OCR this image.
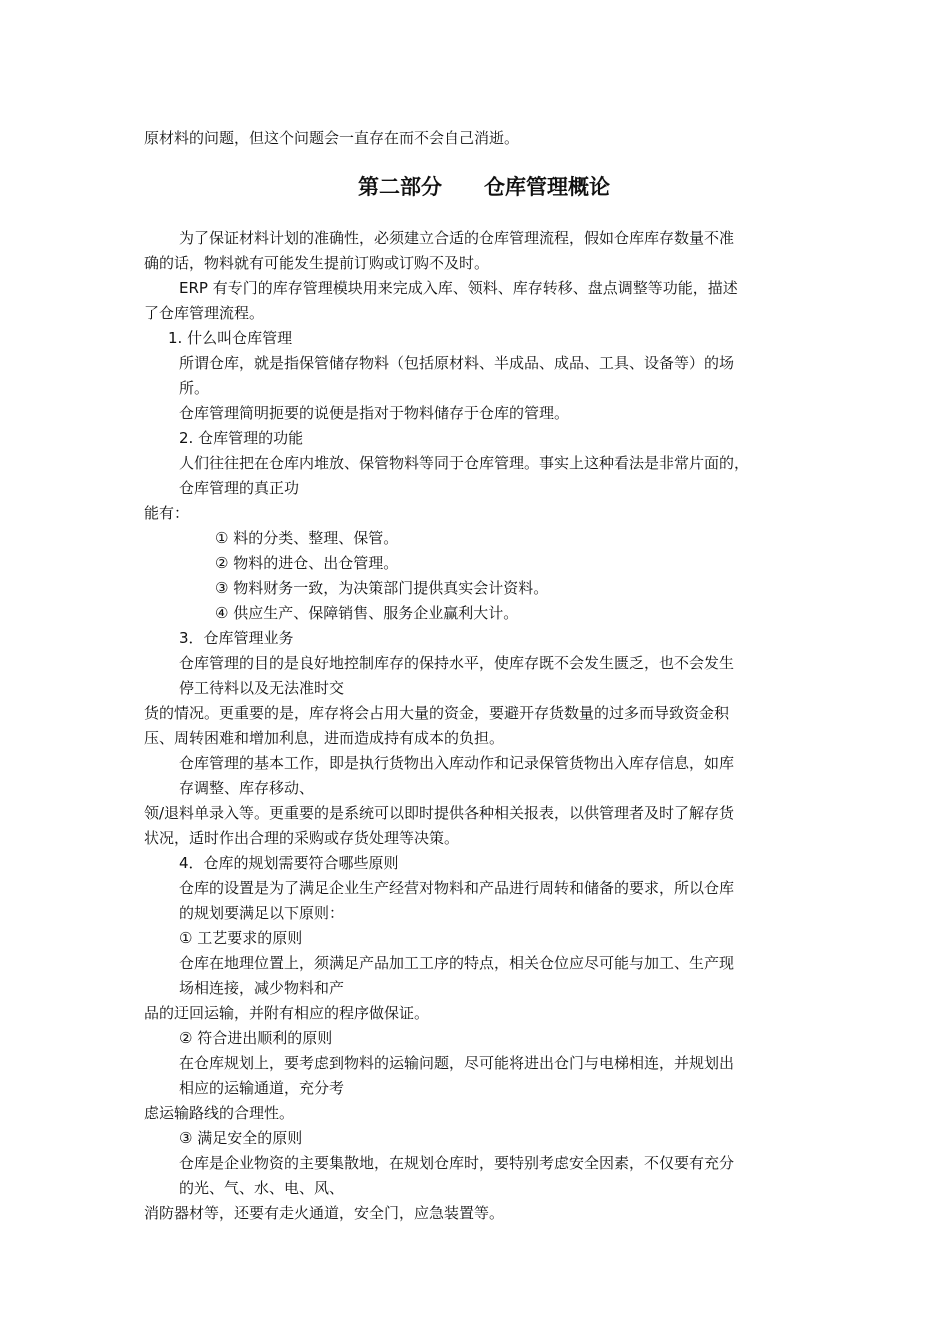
原材料的问题，但这个问题会一直存在而不会自己消逝。
第二部分 仓库管理概论
为了保证材料计划的准确性，必须建立合适的仓库管理流程，假如仓库库存数量不准
确的话，物料就有可能发生提前订购或订购不及时。
ERP 有专门的库存管理模块用来完成入库、领料、库存转移、盘点调整等功能，描述
了仓库管理流程。
1. 什么叫仓库管理
所谓仓库，就是指保管储存物料（包括原材料、半成品、成品、工具、设备等）的场
所。
仓库管理简明扼要的说便是指对于物料储存于仓库的管理。
2. 仓库管理的功能
人们往往把在仓库内堆放、保管物料等同于仓库管理。事实上这种看法是非常片面的，
仓库管理的真正功
能有：
① 料的分类、整理、保管。
② 物料的进仓、出仓管理。
③ 物料财务一致，为决策部门提供真实会计资料。
④ 供应生产、保障销售、服务企业赢利大计。
3．仓库管理业务
仓库管理的目的是良好地控制库存的保持水平，使库存既不会发生匮乏，也不会发生
停工待料以及无法准时交
货的情况。更重要的是，库存将会占用大量的资金，要避开存货数量的过多而导致资金积
压、周转困难和增加利息，进而造成持有成本的负担。
仓库管理的基本工作，即是执行货物出入库动作和记录保管货物出入库存信息，如库
存调整、库存移动、
领/退料单录入等。更重要的是系统可以即时提供各种相关报表，以供管理者及时了解存货
状况，适时作出合理的采购或存货处理等决策。
4．仓库的规划需要符合哪些原则
仓库的设置是为了满足企业生产经营对物料和产品进行周转和储备的要求，所以仓库
的规划要满足以下原则：
① 工艺要求的原则
仓库在地理位置上，须满足产品加工工序的特点，相关仓位应尽可能与加工、生产现
场相连接，减少物料和产
品的迂回运输，并附有相应的程序做保证。
② 符合进出顺利的原则
在仓库规划上，要考虑到物料的运输问题，尽可能将进出仓门与电梯相连，并规划出
相应的运输通道，充分考
虑运输路线的合理性。
③ 满足安全的原则
仓库是企业物资的主要集散地，在规划仓库时，要特别考虑安全因素，不仅要有充分
的光、气、水、电、风、
消防器材等，还要有走火通道，安全门，应急装置等。
